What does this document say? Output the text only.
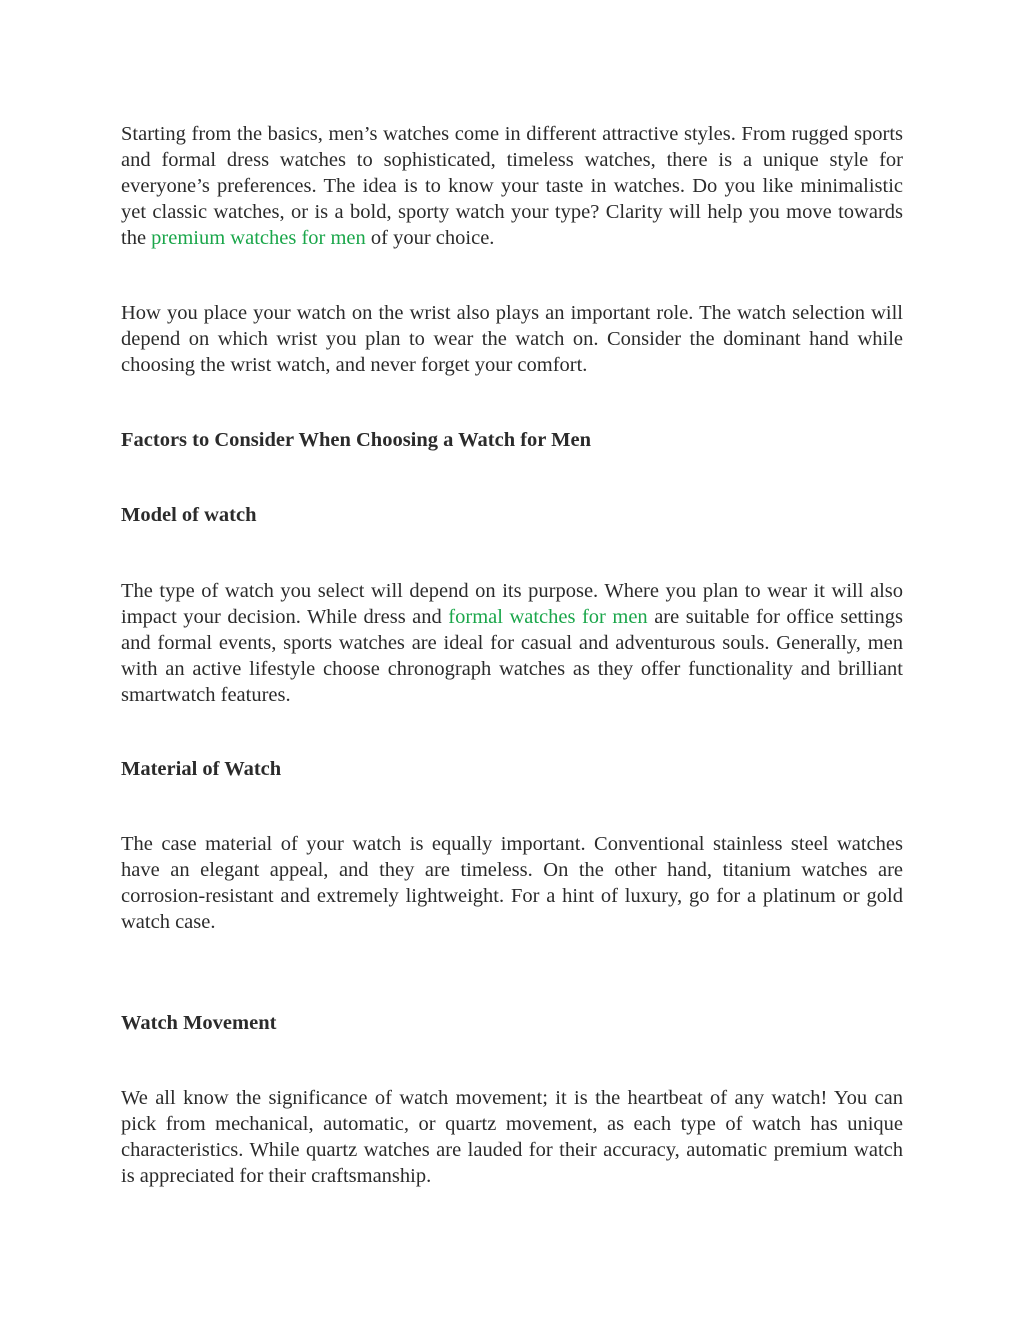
Starting from the basics, men’s watches come in different attractive styles. From rugged sports and formal dress watches to sophisticated, timeless watches, there is a unique style for everyone’s preferences. The idea is to know your taste in watches. Do you like minimalistic yet classic watches, or is a bold, sporty watch your type? Clarity will help you move towards the premium watches for men of your choice.

How you place your watch on the wrist also plays an important role. The watch selection will depend on which wrist you plan to wear the watch on. Consider the dominant hand while choosing the wrist watch, and never forget your comfort.

Factors to Consider When Choosing a Watch for Men
Model of watch

The type of watch you select will depend on its purpose. Where you plan to wear it will also impact your decision. While dress and formal watches for men are suitable for office settings and formal events, sports watches are ideal for casual and adventurous souls. Generally, men with an active lifestyle choose chronograph watches as they offer functionality and brilliant smartwatch features.

Material of Watch

The case material of your watch is equally important. Conventional stainless steel watches have an elegant appeal, and they are timeless. On the other hand, titanium watches are corrosion-resistant and extremely lightweight. For a hint of luxury, go for a platinum or gold watch case.

Watch Movement

We all know the significance of watch movement; it is the heartbeat of any watch! You can pick from mechanical, automatic, or quartz movement, as each type of watch has unique characteristics. While quartz watches are lauded for their accuracy, automatic premium watch is appreciated for their craftsmanship.
